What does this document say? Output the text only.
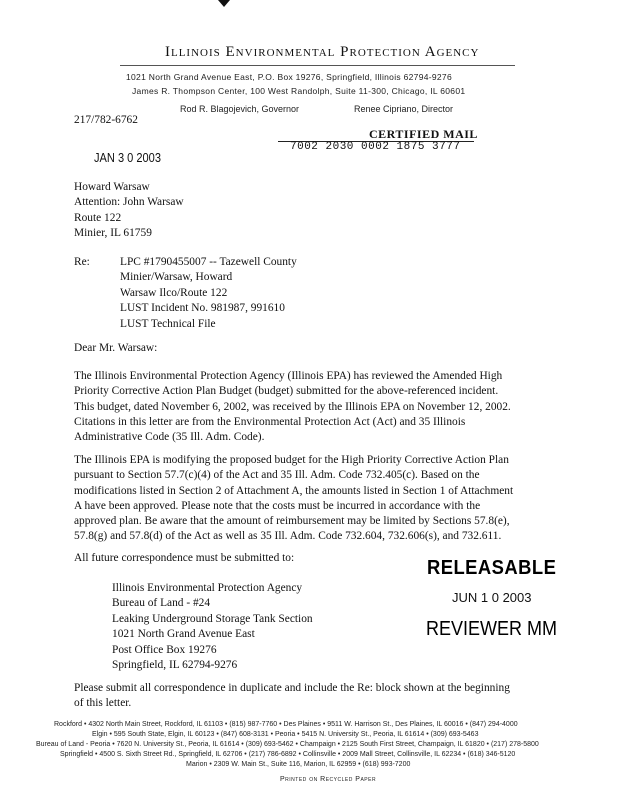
Illinois Environmental Protection Agency
1021 North Grand Avenue East, P.O. Box 19276, Springfield, Illinois 62794-9276
James R. Thompson Center, 100 West Randolph, Suite 11-300, Chicago, IL 60601
Rod R. Blagojevich, Governor	Renee Cipriano, Director
217/782-6762
CERTIFIED MAIL
7002 2030 0002 1875 3777
JAN 3 0 2003
Howard Warsaw
Attention: John Warsaw
Route 122
Minier, IL 61759
Re:	LPC #1790455007 -- Tazewell County
Minier/Warsaw, Howard
Warsaw Ilco/Route 122
LUST Incident No. 981987, 991610
LUST Technical File
Dear Mr. Warsaw:
The Illinois Environmental Protection Agency (Illinois EPA) has reviewed the Amended High
Priority Corrective Action Plan Budget (budget) submitted for the above-referenced incident.
This budget, dated November 6, 2002, was received by the Illinois EPA on November 12, 2002.
Citations in this letter are from the Environmental Protection Act (Act) and 35 Illinois
Administrative Code (35 Ill. Adm. Code).
The Illinois EPA is modifying the proposed budget for the High Priority Corrective Action Plan
pursuant to Section 57.7(c)(4) of the Act and 35 Ill. Adm. Code 732.405(c). Based on the
modifications listed in Section 2 of Attachment A, the amounts listed in Section 1 of Attachment
A have been approved. Please note that the costs must be incurred in accordance with the
approved plan. Be aware that the amount of reimbursement may be limited by Sections 57.8(e),
57.8(g) and 57.8(d) of the Act as well as 35 Ill. Adm. Code 732.604, 732.606(s), and 732.611.
All future correspondence must be submitted to:
Illinois Environmental Protection Agency
Bureau of Land - #24
Leaking Underground Storage Tank Section
1021 North Grand Avenue East
Post Office Box 19276
Springfield, IL 62794-9276
RELEASABLE
JUN 1 0 2003
REVIEWER MM
Please submit all correspondence in duplicate and include the Re: block shown at the beginning
of this letter.
Rockford • 4302 North Main Street, Rockford, IL 61103 • (815) 987-7760 • Des Plaines • 9511 W. Harrison St., Des Plaines, IL 60016 • (847) 294-4000
Elgin • 595 South State, Elgin, IL 60123 • (847) 608-3131 • Peoria • 5415 N. University St., Peoria, IL 61614 • (309) 693-5463
Bureau of Land - Peoria • 7620 N. University St., Peoria, IL 61614 • (309) 693-5462 • Champaign • 2125 South First Street, Champaign, IL 61820 • (217) 278-5800
Springfield • 4500 S. Sixth Street Rd., Springfield, IL 62706 • (217) 786-6892 • Collinsville • 2009 Mall Street, Collinsville, IL 62234 • (618) 346-5120
Marion • 2309 W. Main St., Suite 116, Marion, IL 62959 • (618) 993-7200
Printed on Recycled Paper
